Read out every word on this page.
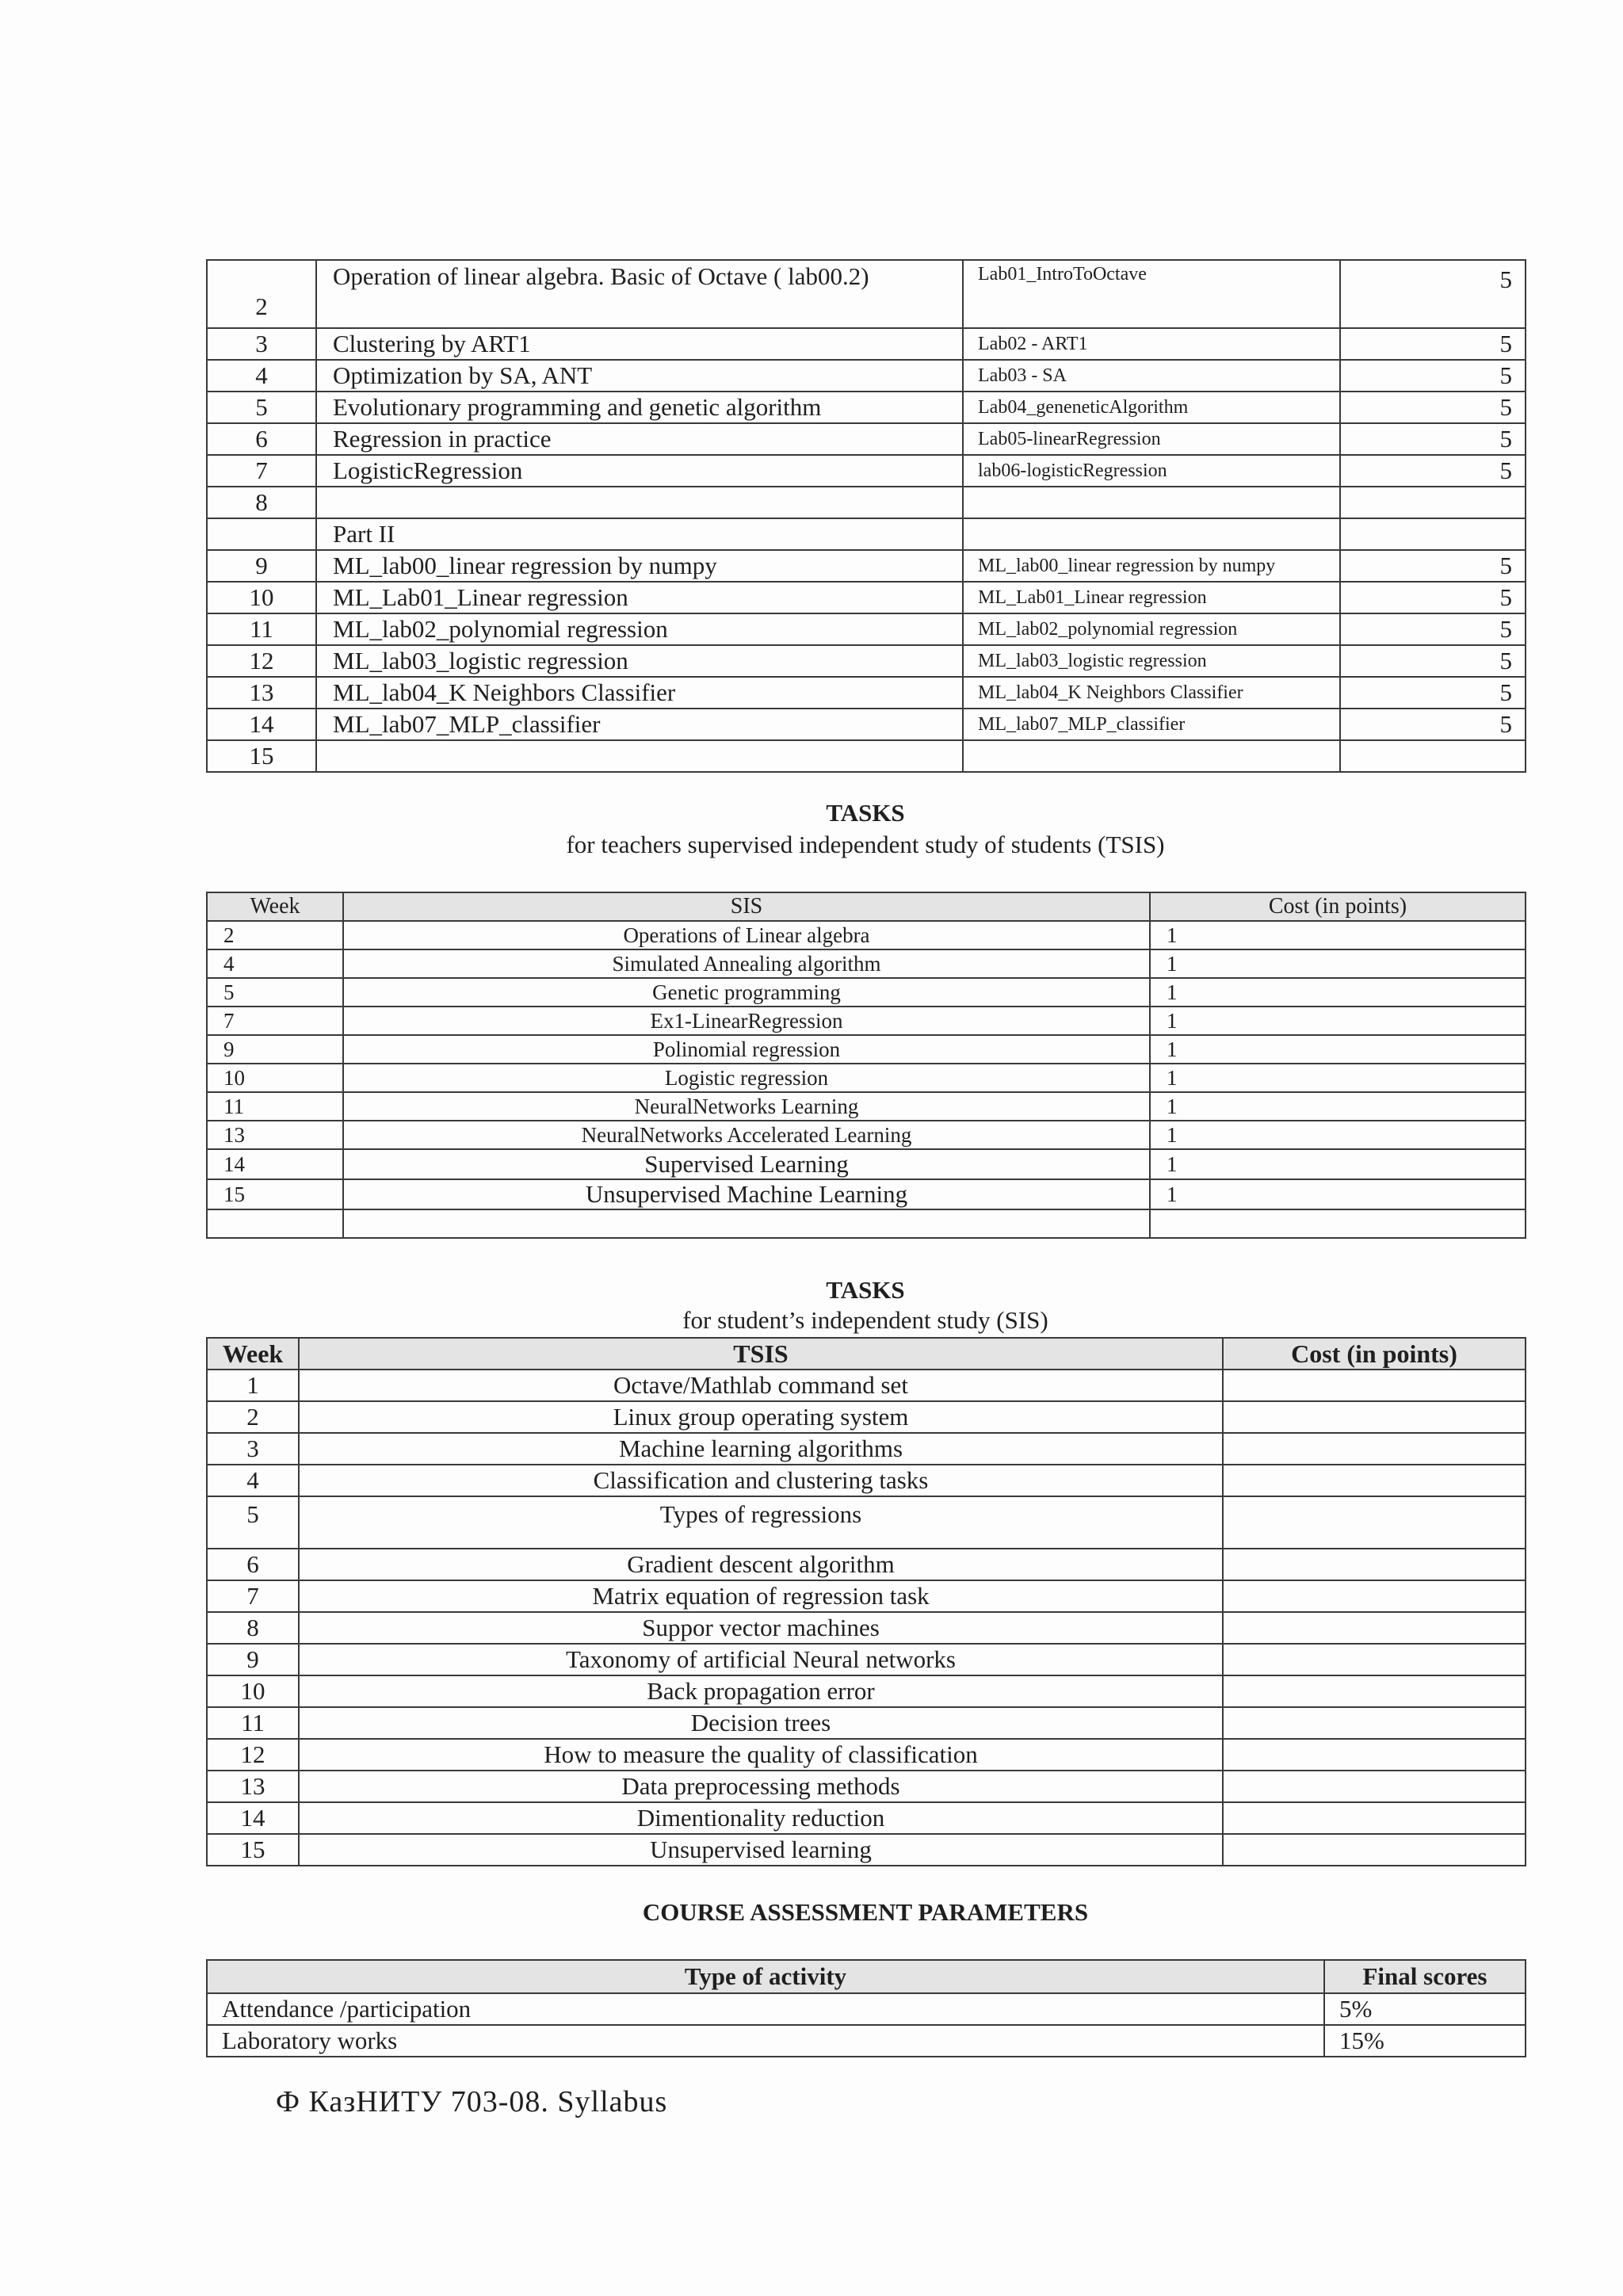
2	Operation of linear algebra. Basic of Octave ( lab00.2)	Lab01_IntroToOctave	5
3	Clustering by ART1	Lab02 - ART1	5
4	Optimization by SA, ANT	Lab03 - SA	5
5	Evolutionary programming and genetic algorithm	Lab04_geneneticAlgorithm	5
6	Regression in practice	Lab05-linearRegression	5
7	LogisticRegression	lab06-logisticRegression	5
8			
	Part II		
9	ML_lab00_linear regression by numpy	ML_lab00_linear regression by numpy	5
10	ML_Lab01_Linear regression	ML_Lab01_Linear regression	5
11	ML_lab02_polynomial regression	ML_lab02_polynomial regression	5
12	ML_lab03_logistic regression	ML_lab03_logistic regression	5
13	ML_lab04_K Neighbors Classifier	ML_lab04_K Neighbors Classifier	5
14	ML_lab07_MLP_classifier	ML_lab07_MLP_classifier	5
15			

TASKS

for teachers supervised independent study of students (TSIS)

Week	SIS	Cost (in points)
2	Operations of Linear algebra	1
4	Simulated Annealing algorithm	1
5	Genetic programming	1
7	Ex1-LinearRegression	1
9	Polinomial regression	1
10	Logistic regression	1
11	NeuralNetworks Learning	1
13	NeuralNetworks Accelerated Learning	1
14	Supervised Learning	1
15	Unsupervised Machine Learning	1

TASKS

for student’s independent study (SIS)

Week	TSIS	Cost (in points)
1	Octave/Mathlab command set	
2	Linux group operating system	
3	Machine learning algorithms	
4	Classification and clustering tasks	
5	Types of regressions	
6	Gradient descent algorithm	
7	Matrix equation of regression task	
8	Suppor vector machines	
9	Taxonomy of artificial Neural networks	
10	Back propagation error	
11	Decision trees	
12	How to measure the quality of classification	
13	Data preprocessing methods	
14	Dimentionality reduction	
15	Unsupervised learning	

COURSE ASSESSMENT PARAMETERS

Type of activity	Final scores
Attendance /participation	5%
Laboratory works	15%

Ф КазНИТУ 703-08. Syllabus
